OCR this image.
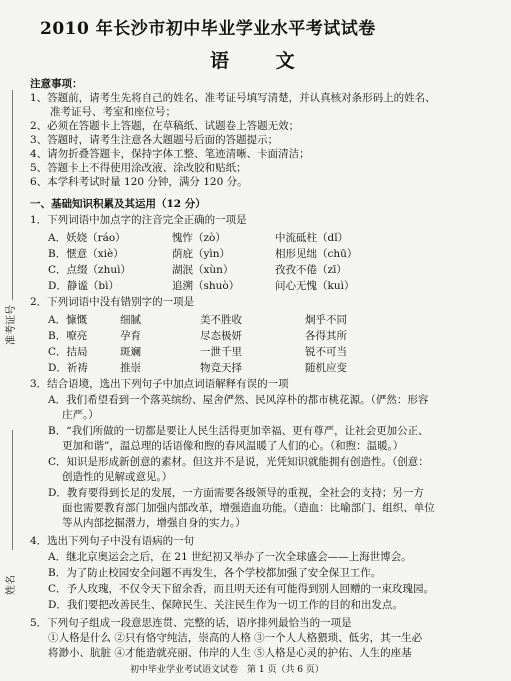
准考证号
姓名
2010 年长沙市初中毕业学业水平考试试卷
语 文
注意事项：
1、答题前，请考生先将自己的姓名、准考证号填写清楚，并认真核对条形码上的姓名、
准考证号、考室和座位号；
2、必须在答题卡上答题，在草稿纸、试题卷上答题无效；
3、答题时，请考生注意各大题题号后面的答题提示；
4、请勿折叠答题卡，保持字体工整、笔迹清晰、卡面清洁；
5、答题卡上不得使用涂改液、涂改胶和贴纸；
6、本学科考试时量 120 分钟，满分 120 分。
一、基础知识积累及其运用（12 分）
1．下列词语中加点字的注音完全正确的一项是
A．妖娆（ráo）	愧怍（zò）	中流砥柱（dǐ）
B．惬意（xiè）	荫庇（yìn）	相形见绌（chū）
C．点缀（zhuì）	湖泯（xùn）	孜孜不倦（zī）
D．静谧（bì）	追溯（shuò）	问心无愧（kuì）
2．下列词语中没有错别字的一项是
A．慷慨	细腻	美不胜收	炯乎不同
B．嘹亮	孕育	尽态极妍	各得其所
C．拮局	斑斓	一泄千里	锐不可当
D．祈祷	推崇	物竞天择	随机应变
3．结合语境，选出下列句子中加点词语解释有误的一项
A．我们希望看到一个落英缤纷、屋舍俨然、民风淳朴的都市桃花源。（俨然：形容
庄严。）
B．“我们所做的一切都是要让人民生活得更加幸福、更有尊严，让社会更加公正、
更加和谐”，温总理的话语像和煦的春风温暖了人们的心。（和煦：温暖。）
C．知识是形成新创意的素材。但这并不是说，光凭知识就能拥有创造性。（创意：
创造性的见解或意见。）
D．教育要得到长足的发展，一方面需要各级领导的重视，全社会的支持；另一方
面也需要教育部门加强内部改革，增强造血功能。（造血：比喻部门、组织、单位
等从内部挖掘潜力，增强自身的实力。）
4．选出下列句子中没有语病的一句
A．继北京奥运会之后，在 21 世纪初又举办了一次全球盛会——上海世博会。
B．为了防止校园安全问题不再发生，各个学校都加强了安全保卫工作。
C．予人玫瑰，不仅令天下留余香，而且明天还有可能得到别人回赠的一束玫瑰园。
D．我们要把改善民生、保障民生、关注民生作为一切工作的目的和出发点。
5．下列句子组成一段意思连贯、完整的话，语序排列最恰当的一项是
①人格是什么 ②只有恪守纯洁，崇高的人格 ③一个人人格猥琐、低劣，其一生必
将渺小、肮脏 ④才能造就亮丽、伟岸的人生 ⑤人格是心灵的护佑、人生的座基
初中毕业学业考试语文试卷　第 1 页（共 6 页）
